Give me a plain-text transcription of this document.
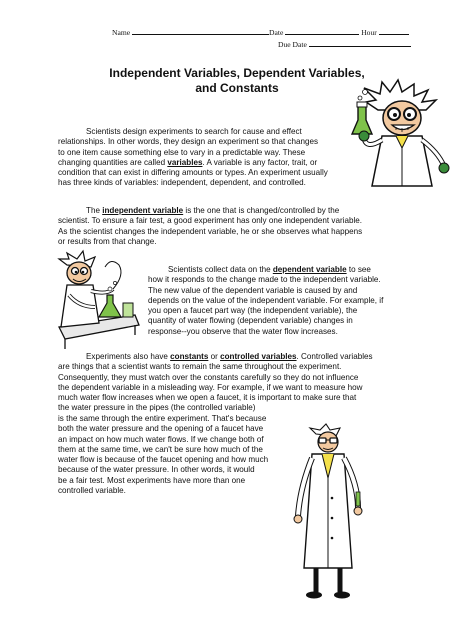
Name	Date	Hour
Due Date
Independent Variables, Dependent Variables,
and Constants
Scientists design experiments to search for cause and effect
relationships. In other words, they design an experiment so that changes
to one item cause something else to vary in a predictable way. These
changing quantities are called variables. A variable is any factor, trait, or
condition that can exist in differing amounts or types. An experiment usually
has three kinds of variables: independent, dependent, and controlled.
The independent variable is the one that is changed/controlled by the
scientist. To ensure a fair test, a good experiment has only one independent variable.
As the scientist changes the independent variable, he or she observes what happens
or results from that change.
Scientists collect data on the dependent variable to see
how it responds to the change made to the independent variable.
The new value of the dependent variable is caused by and
depends on the value of the independent variable. For example, if
you open a faucet part way (the independent variable), the
quantity of water flowing (dependent variable) changes in
response--you observe that the water flow increases.
Experiments also have constants or controlled variables. Controlled variables
are things that a scientist wants to remain the same throughout the experiment.
Consequently, they must watch over the constants carefully so they do not influence
the dependent variable in a misleading way. For example, if we want to measure how
much water flow increases when we open a faucet, it is important to make sure that
the water pressure in the pipes (the controlled variable)
is the same through the entire experiment. That's because
both the water pressure and the opening of a faucet have
an impact on how much water flows. If we change both of
them at the same time, we can't be sure how much of the
water flow is because of the faucet opening and how much
because of the water pressure. In other words, it would
be a fair test. Most experiments have more than one
controlled variable.
